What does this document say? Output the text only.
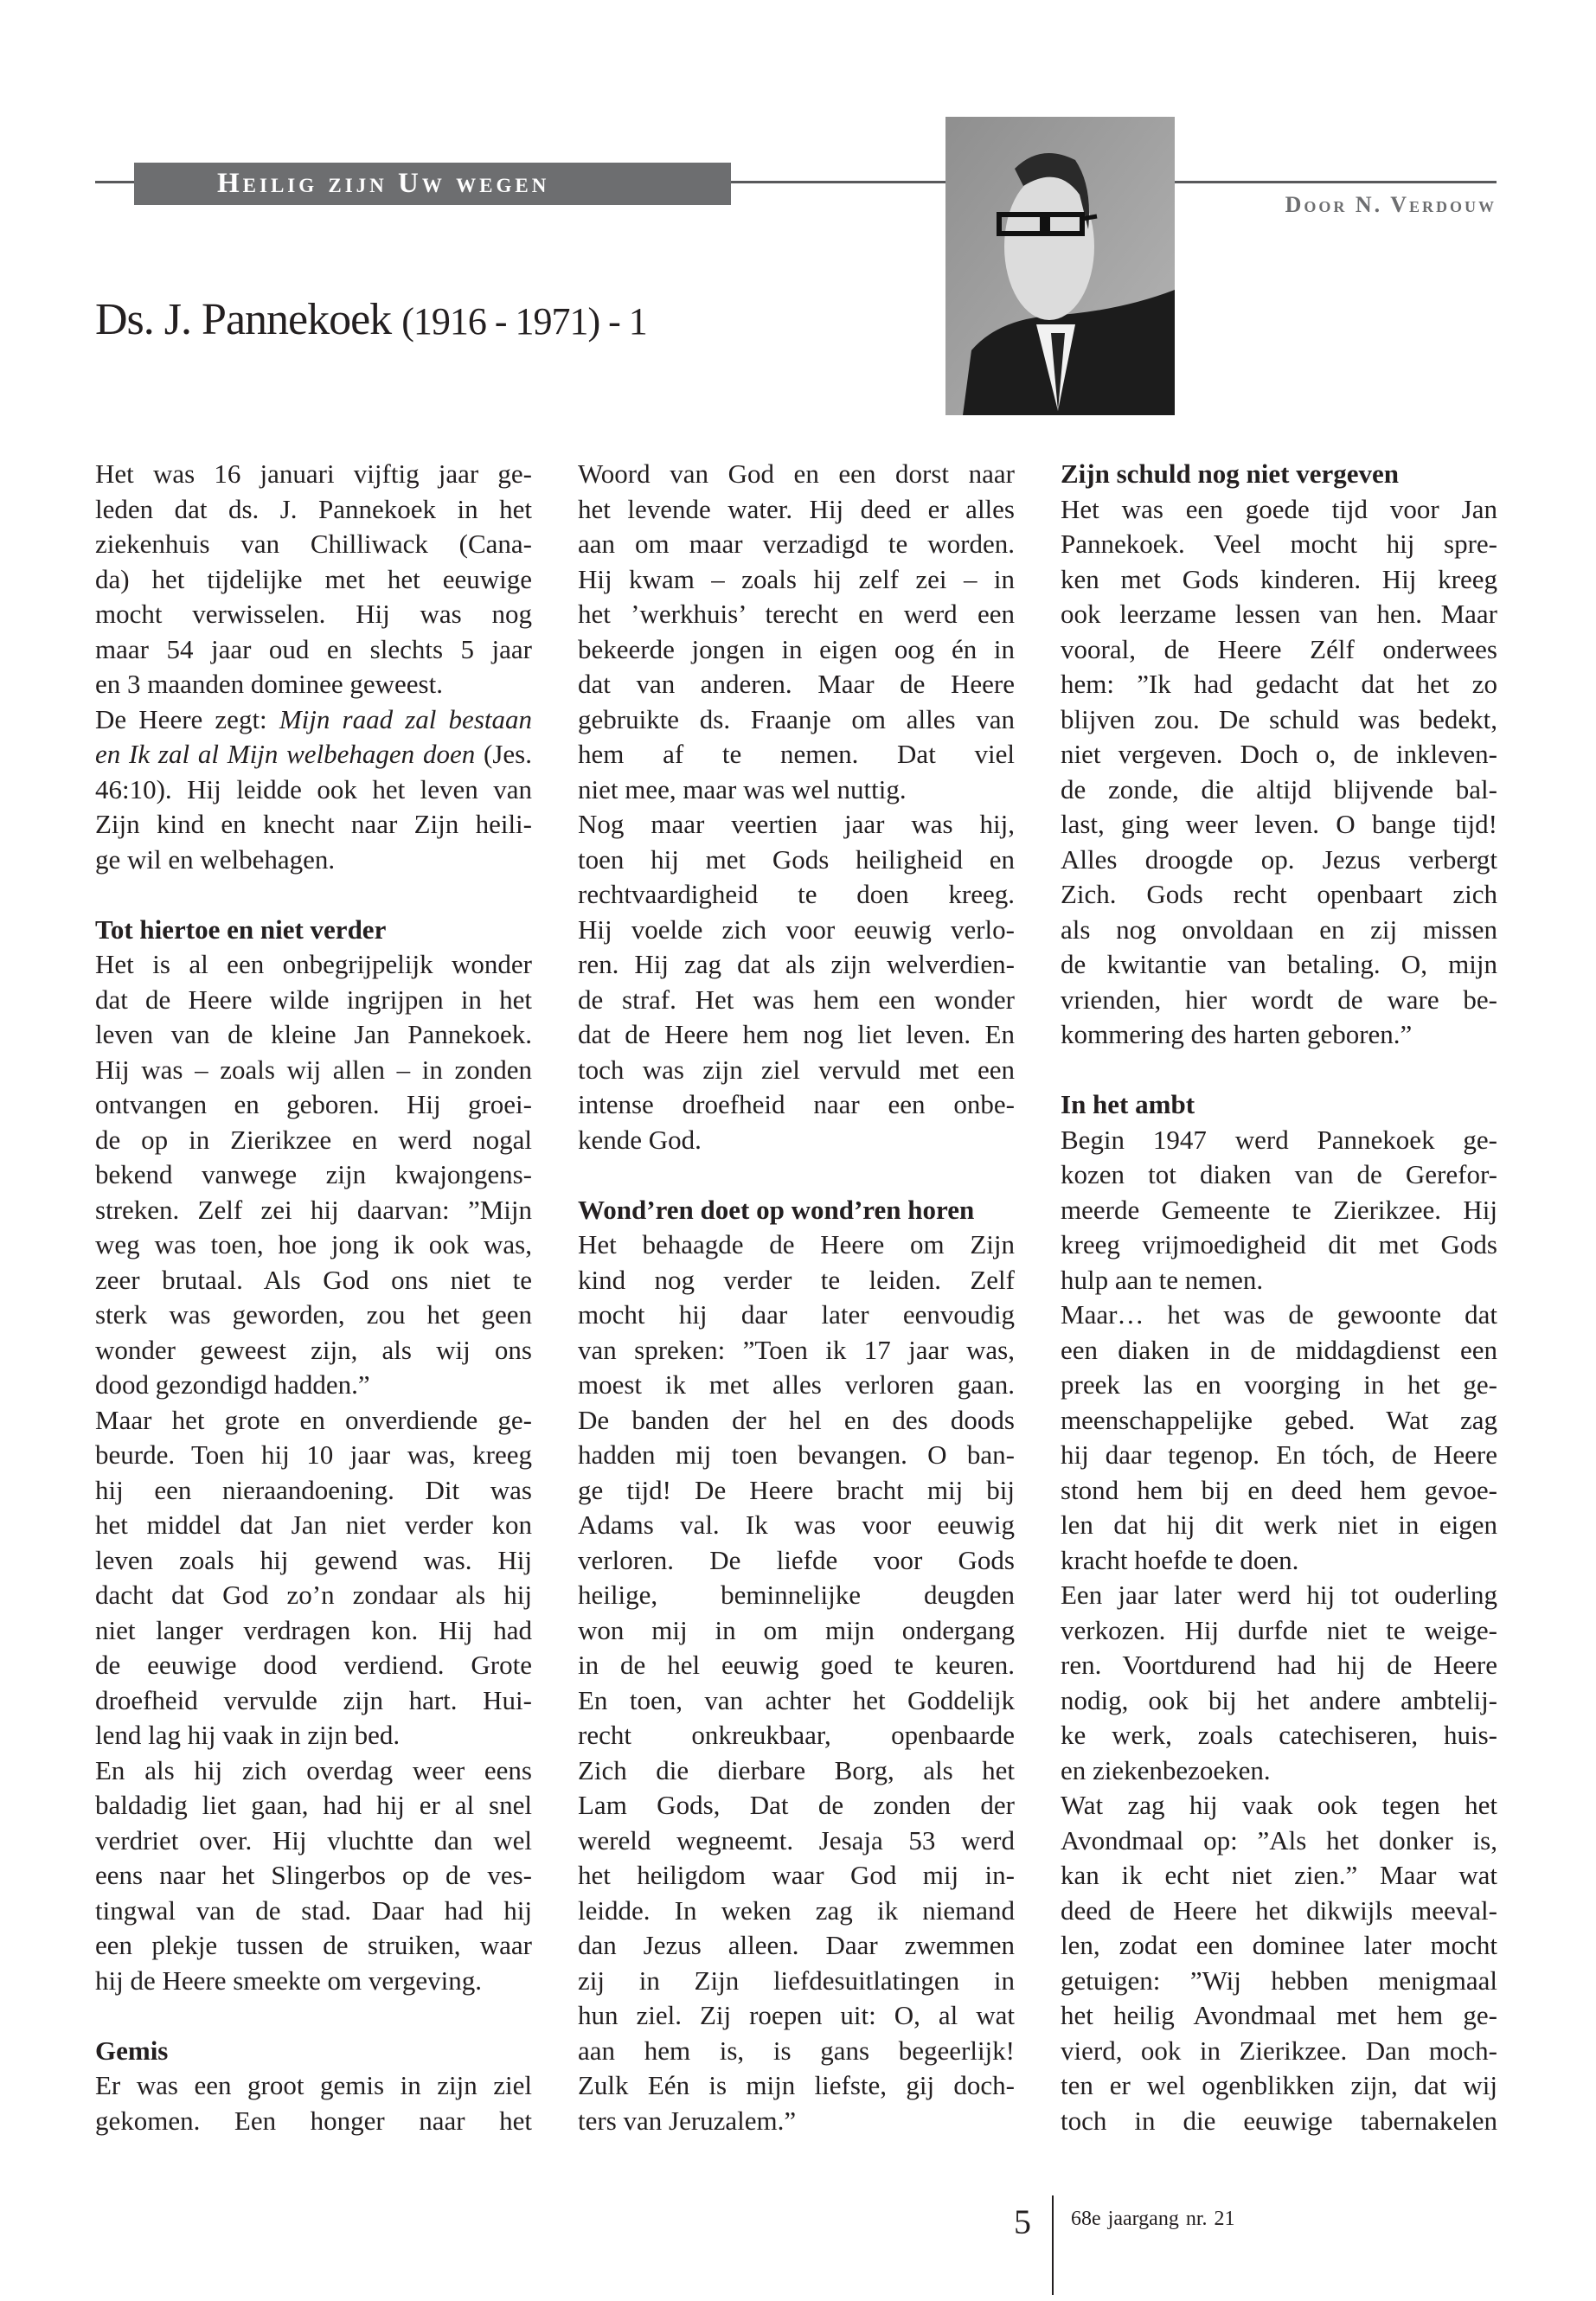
Heilig zijn Uw wegen
Door N. Verdouw
Ds. J. Pannekoek (1916 - 1971) - 1
Het was 16 januari vijftig jaar ge-
leden dat ds. J. Pannekoek in het
ziekenhuis van Chilliwack (Cana-
da) het tijdelijke met het eeuwige
mocht verwisselen. Hij was nog
maar 54 jaar oud en slechts 5 jaar
en 3 maanden dominee geweest.
De Heere zegt: Mijn raad zal bestaan
en Ik zal al Mijn welbehagen doen (Jes.
46:10). Hij leidde ook het leven van
Zijn kind en knecht naar Zijn heili-
ge wil en welbehagen.
Tot hiertoe en niet verder
Het is al een onbegrijpelijk wonder
dat de Heere wilde ingrijpen in het
leven van de kleine Jan Pannekoek.
Hij was – zoals wij allen – in zonden
ontvangen en geboren. Hij groei-
de op in Zierikzee en werd nogal
bekend vanwege zijn kwajongens-
streken. Zelf zei hij daarvan: ”Mijn
weg was toen, hoe jong ik ook was,
zeer brutaal. Als God ons niet te
sterk was geworden, zou het geen
wonder geweest zijn, als wij ons
dood gezondigd hadden.”
Maar het grote en onverdiende ge-
beurde. Toen hij 10 jaar was, kreeg
hij een nieraandoening. Dit was
het middel dat Jan niet verder kon
leven zoals hij gewend was. Hij
dacht dat God zo’n zondaar als hij
niet langer verdragen kon. Hij had
de eeuwige dood verdiend. Grote
droefheid vervulde zijn hart. Hui-
lend lag hij vaak in zijn bed.
En als hij zich overdag weer eens
baldadig liet gaan, had hij er al snel
verdriet over. Hij vluchtte dan wel
eens naar het Slingerbos op de ves-
tingwal van de stad. Daar had hij
een plekje tussen de struiken, waar
hij de Heere smeekte om vergeving.
Gemis
Er was een groot gemis in zijn ziel
gekomen. Een honger naar het
Woord van God en een dorst naar
het levende water. Hij deed er alles
aan om maar verzadigd te worden.
Hij kwam – zoals hij zelf zei – in
het ’werkhuis’ terecht en werd een
bekeerde jongen in eigen oog én in
dat van anderen. Maar de Heere
gebruikte ds. Fraanje om alles van
hem af te nemen. Dat viel
niet mee, maar was wel nuttig.
Nog maar veertien jaar was hij,
toen hij met Gods heiligheid en
rechtvaardigheid te doen kreeg.
Hij voelde zich voor eeuwig verlo-
ren. Hij zag dat als zijn welverdien-
de straf. Het was hem een wonder
dat de Heere hem nog liet leven. En
toch was zijn ziel vervuld met een
intense droefheid naar een onbe-
kende God.
Wond’ren doet op wond’ren horen
Het behaagde de Heere om Zijn
kind nog verder te leiden. Zelf
mocht hij daar later eenvoudig
van spreken: ”Toen ik 17 jaar was,
moest ik met alles verloren gaan.
De banden der hel en des doods
hadden mij toen bevangen. O ban-
ge tijd! De Heere bracht mij bij
Adams val. Ik was voor eeuwig
verloren. De liefde voor Gods
heilige, beminnelijke deugden
won mij in om mijn ondergang
in de hel eeuwig goed te keuren.
En toen, van achter het Goddelijk
recht onkreukbaar, openbaarde
Zich die dierbare Borg, als het
Lam Gods, Dat de zonden der
wereld wegneemt. Jesaja 53 werd
het heiligdom waar God mij in-
leidde. In weken zag ik niemand
dan Jezus alleen. Daar zwemmen
zij in Zijn liefdesuitlatingen in
hun ziel. Zij roepen uit: O, al wat
aan hem is, is gans begeerlijk!
Zulk Eén is mijn liefste, gij doch-
ters van Jeruzalem.”
Zijn schuld nog niet vergeven
Het was een goede tijd voor Jan
Pannekoek. Veel mocht hij spre-
ken met Gods kinderen. Hij kreeg
ook leerzame lessen van hen. Maar
vooral, de Heere Zélf onderwees
hem: ”Ik had gedacht dat het zo
blijven zou. De schuld was bedekt,
niet vergeven. Doch o, de inkleven-
de zonde, die altijd blijvende bal-
last, ging weer leven. O bange tijd!
Alles droogde op. Jezus verbergt
Zich. Gods recht openbaart zich
als nog onvoldaan en zij missen
de kwitantie van betaling. O, mijn
vrienden, hier wordt de ware be-
kommering des harten geboren.”
In het ambt
Begin 1947 werd Pannekoek ge-
kozen tot diaken van de Gerefor-
meerde Gemeente te Zierikzee. Hij
kreeg vrijmoedigheid dit met Gods
hulp aan te nemen.
Maar… het was de gewoonte dat
een diaken in de middagdienst een
preek las en voorging in het ge-
meenschappelijke gebed. Wat zag
hij daar tegenop. En tóch, de Heere
stond hem bij en deed hem gevoe-
len dat hij dit werk niet in eigen
kracht hoefde te doen.
Een jaar later werd hij tot ouderling
verkozen. Hij durfde niet te weige-
ren. Voortdurend had hij de Heere
nodig, ook bij het andere ambtelij-
ke werk, zoals catechiseren, huis-
en ziekenbezoeken.
Wat zag hij vaak ook tegen het
Avondmaal op: ”Als het donker is,
kan ik echt niet zien.” Maar wat
deed de Heere het dikwijls meeval-
len, zodat een dominee later mocht
getuigen: ”Wij hebben menigmaal
het heilig Avondmaal met hem ge-
vierd, ook in Zierikzee. Dan moch-
ten er wel ogenblikken zijn, dat wij
toch in die eeuwige tabernakelen
5 68e jaargang nr. 21
